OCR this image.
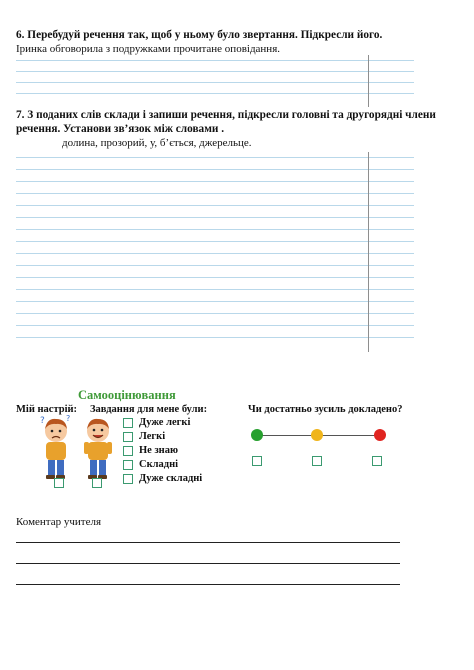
6. Перебудуй речення так, щоб у ньому було звертання. Підкресли його.
Іринка обговорила з подружками прочитане оповідання.
7. З поданих слів склади і запиши речення, підкресли головні та другорядні члени
речення. Установи зв’язок між словами .
долина, прозорий, у, б’ється, джерельце.
Самооцінювання
Мій настрій: Завдання для мене були:	Чи достатньо зусиль докладено?
?	?	Дуже легкі
Легкі
Не знаю
Складні
Дуже складні
Коментар учителя
